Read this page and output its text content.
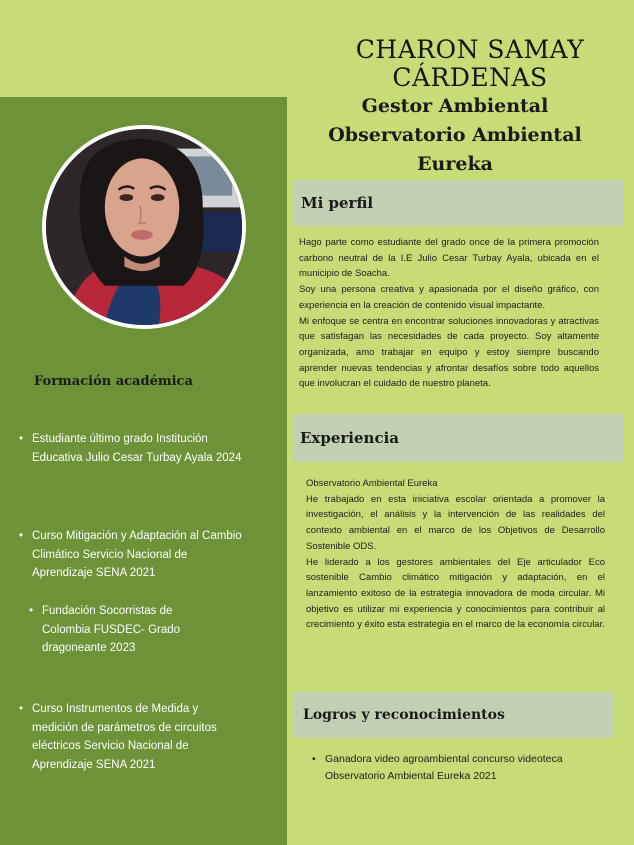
CHARON SAMAY CÁRDENAS
Gestor Ambiental
Observatorio Ambiental Eureka
Mi perfil

Hago parte como estudiante del grado once de la primera promoción carbono neutral de la I.E Julio Cesar Turbay Ayala, ubicada en el municipio de Soacha.

Soy una persona creativa y apasionada por el diseño gráfico, con experiencia en la creación de contenido visual impactante.

Mi enfoque se centra en encontrar soluciones innovadoras y atractivas que satisfagan las necesidades de cada proyecto. Soy altamente organizada, amo trabajar en equipo y estoy siempre buscando aprender nuevas tendencias y afrontar desafíos sobre todo aquellos que involucran el cuidado de nuestro planeta.

Experiencia

Observatorio Ambiental Eureka

He trabajado en esta iniciativa escolar orientada a promover la investigación, el análisis y la intervención de las realidades del contexto ambiental en el marco de los Objetivos de Desarrollo Sostenible ODS.

He liderado a los gestores ambientales del Eje articulador Eco sostenible Cambio climático mitigación y adaptación, en el lanzamiento exitoso de la estrategia innovadora de moda circular. Mi objetivo es utilizar mi experiencia y conocimientos para contribuir al crecimiento y éxito esta estrategia en el marco de la economía circular.

Formación académica
• Estudiante último grado Institución Educativa Julio Cesar Turbay Ayala 2024
• Curso Mitigación y Adaptación al Cambio Climático Servicio Nacional de Aprendizaje SENA 2021
• Fundación Socorristas de Colombia FUSDEC- Grado dragoneante 2023
• Curso Instrumentos de Medida y medición de parámetros de circuitos eléctricos Servicio Nacional de Aprendizaje SENA 2021
Logros y reconocimientos
• Ganadora video agroambiental concurso videoteca Observatorio Ambiental Eureka 2021
